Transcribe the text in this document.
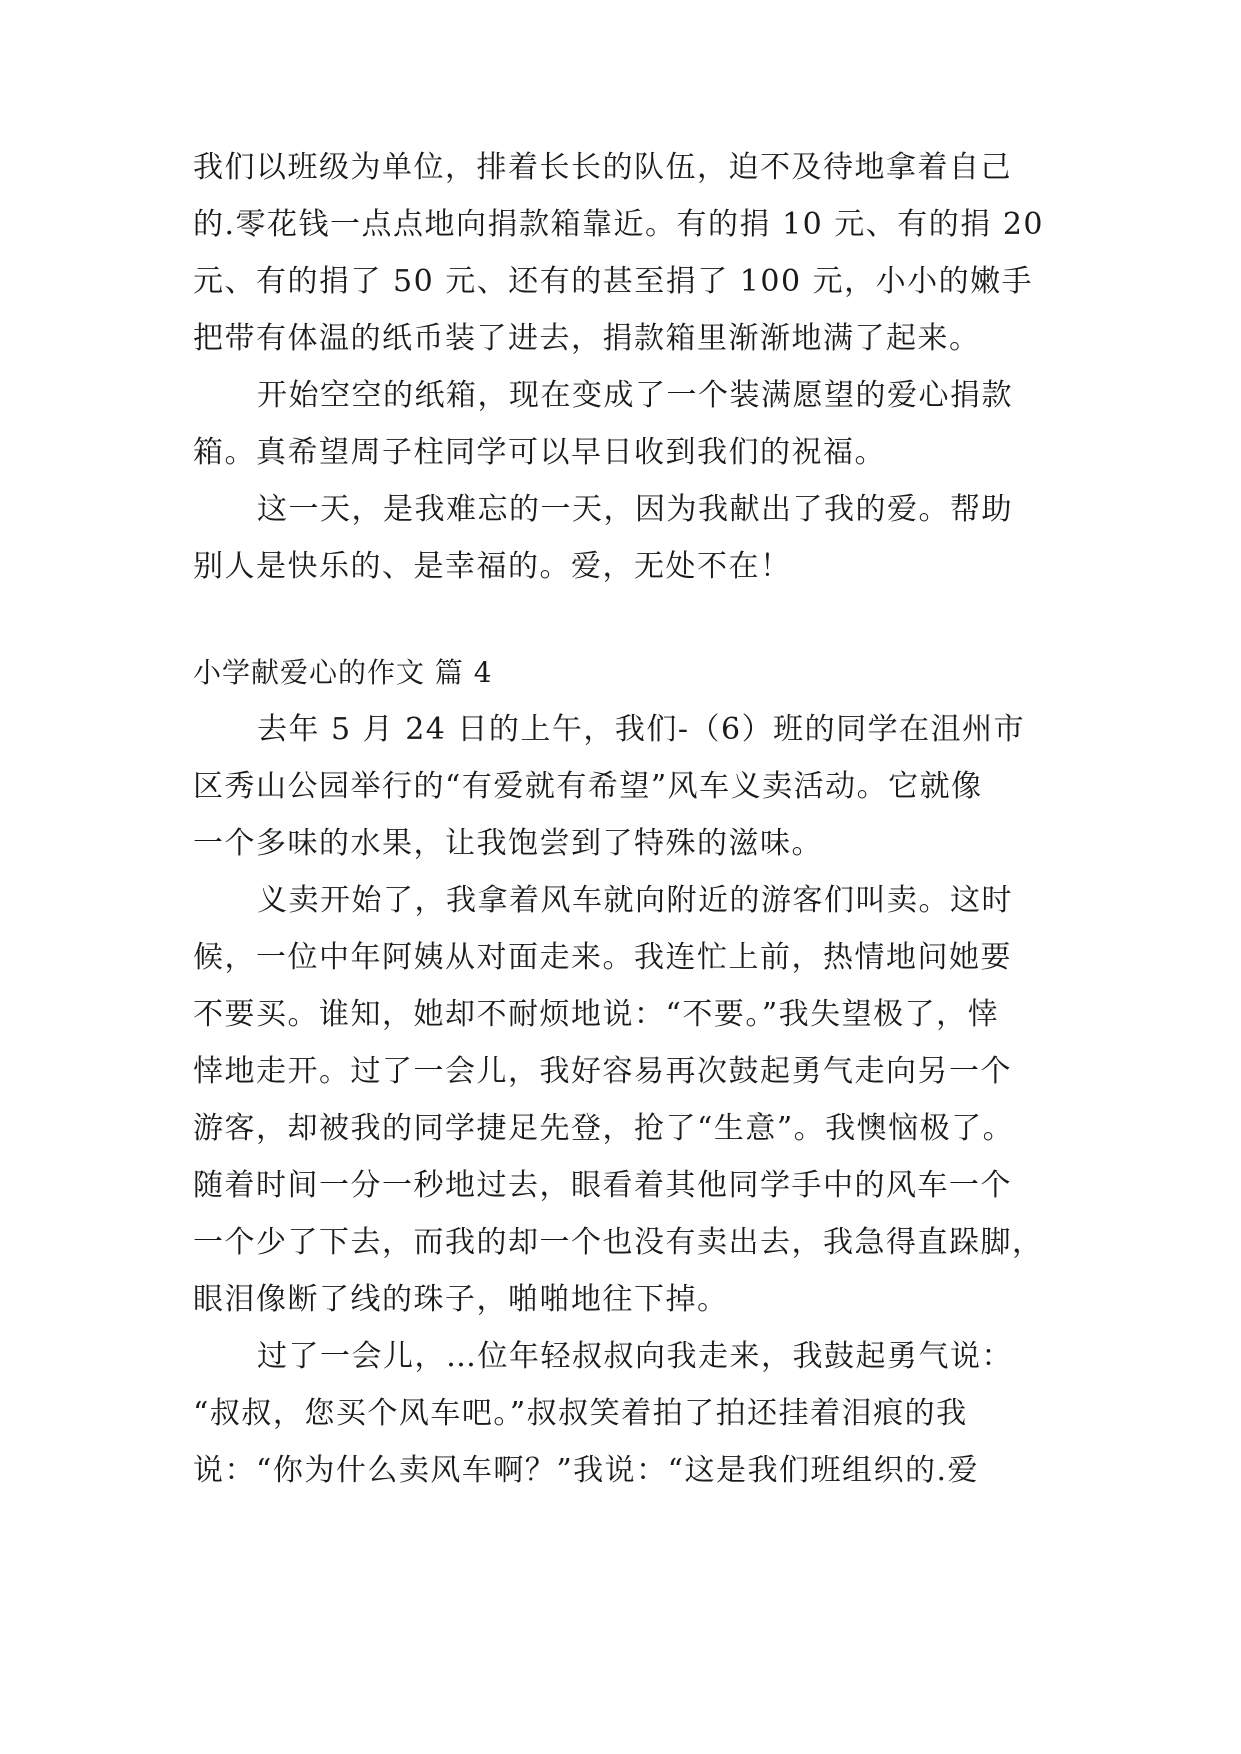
我们以班级为单位，排着长长的队伍，迫不及待地拿着自己
的.零花钱一点点地向捐款箱靠近。有的捐 10 元、有的捐 20
元、有的捐了 50 元、还有的甚至捐了 100 元，小小的嫩手
把带有体温的纸币装了进去，捐款箱里渐渐地满了起来。
开始空空的纸箱，现在变成了一个装满愿望的爱心捐款
箱。真希望周子柱同学可以早日收到我们的祝福。
这一天，是我难忘的一天，因为我献出了我的爱。帮助
别人是快乐的、是幸福的。爱，无处不在！
小学献爱心的作文 篇 4
去年 5 月 24 日的上午，我们-（6）班的同学在沮州市
区秀山公园举行的“有爱就有希望”风车义卖活动。它就像
一个多味的水果，让我饱尝到了特殊的滋味。
义卖开始了，我拿着风车就向附近的游客们叫卖。这时
候，一位中年阿姨从对面走来。我连忙上前，热情地问她要
不要买。谁知，她却不耐烦地说：“不要。”我失望极了，悻
悻地走开。过了一会儿，我好容易再次鼓起勇气走向另一个
游客，却被我的同学捷足先登，抢了“生意”。我懊恼极了。
随着时间一分一秒地过去，眼看着其他同学手中的风车一个
一个少了下去，而我的却一个也没有卖出去，我急得直跺脚，
眼泪像断了线的珠子，啪啪地往下掉。
过了一会儿，…位年轻叔叔向我走来，我鼓起勇气说：
“叔叔，您买个风车吧。”叔叔笑着拍了拍还挂着泪痕的我
说：“你为什么卖风车啊？”我说：“这是我们班组织的.爱
